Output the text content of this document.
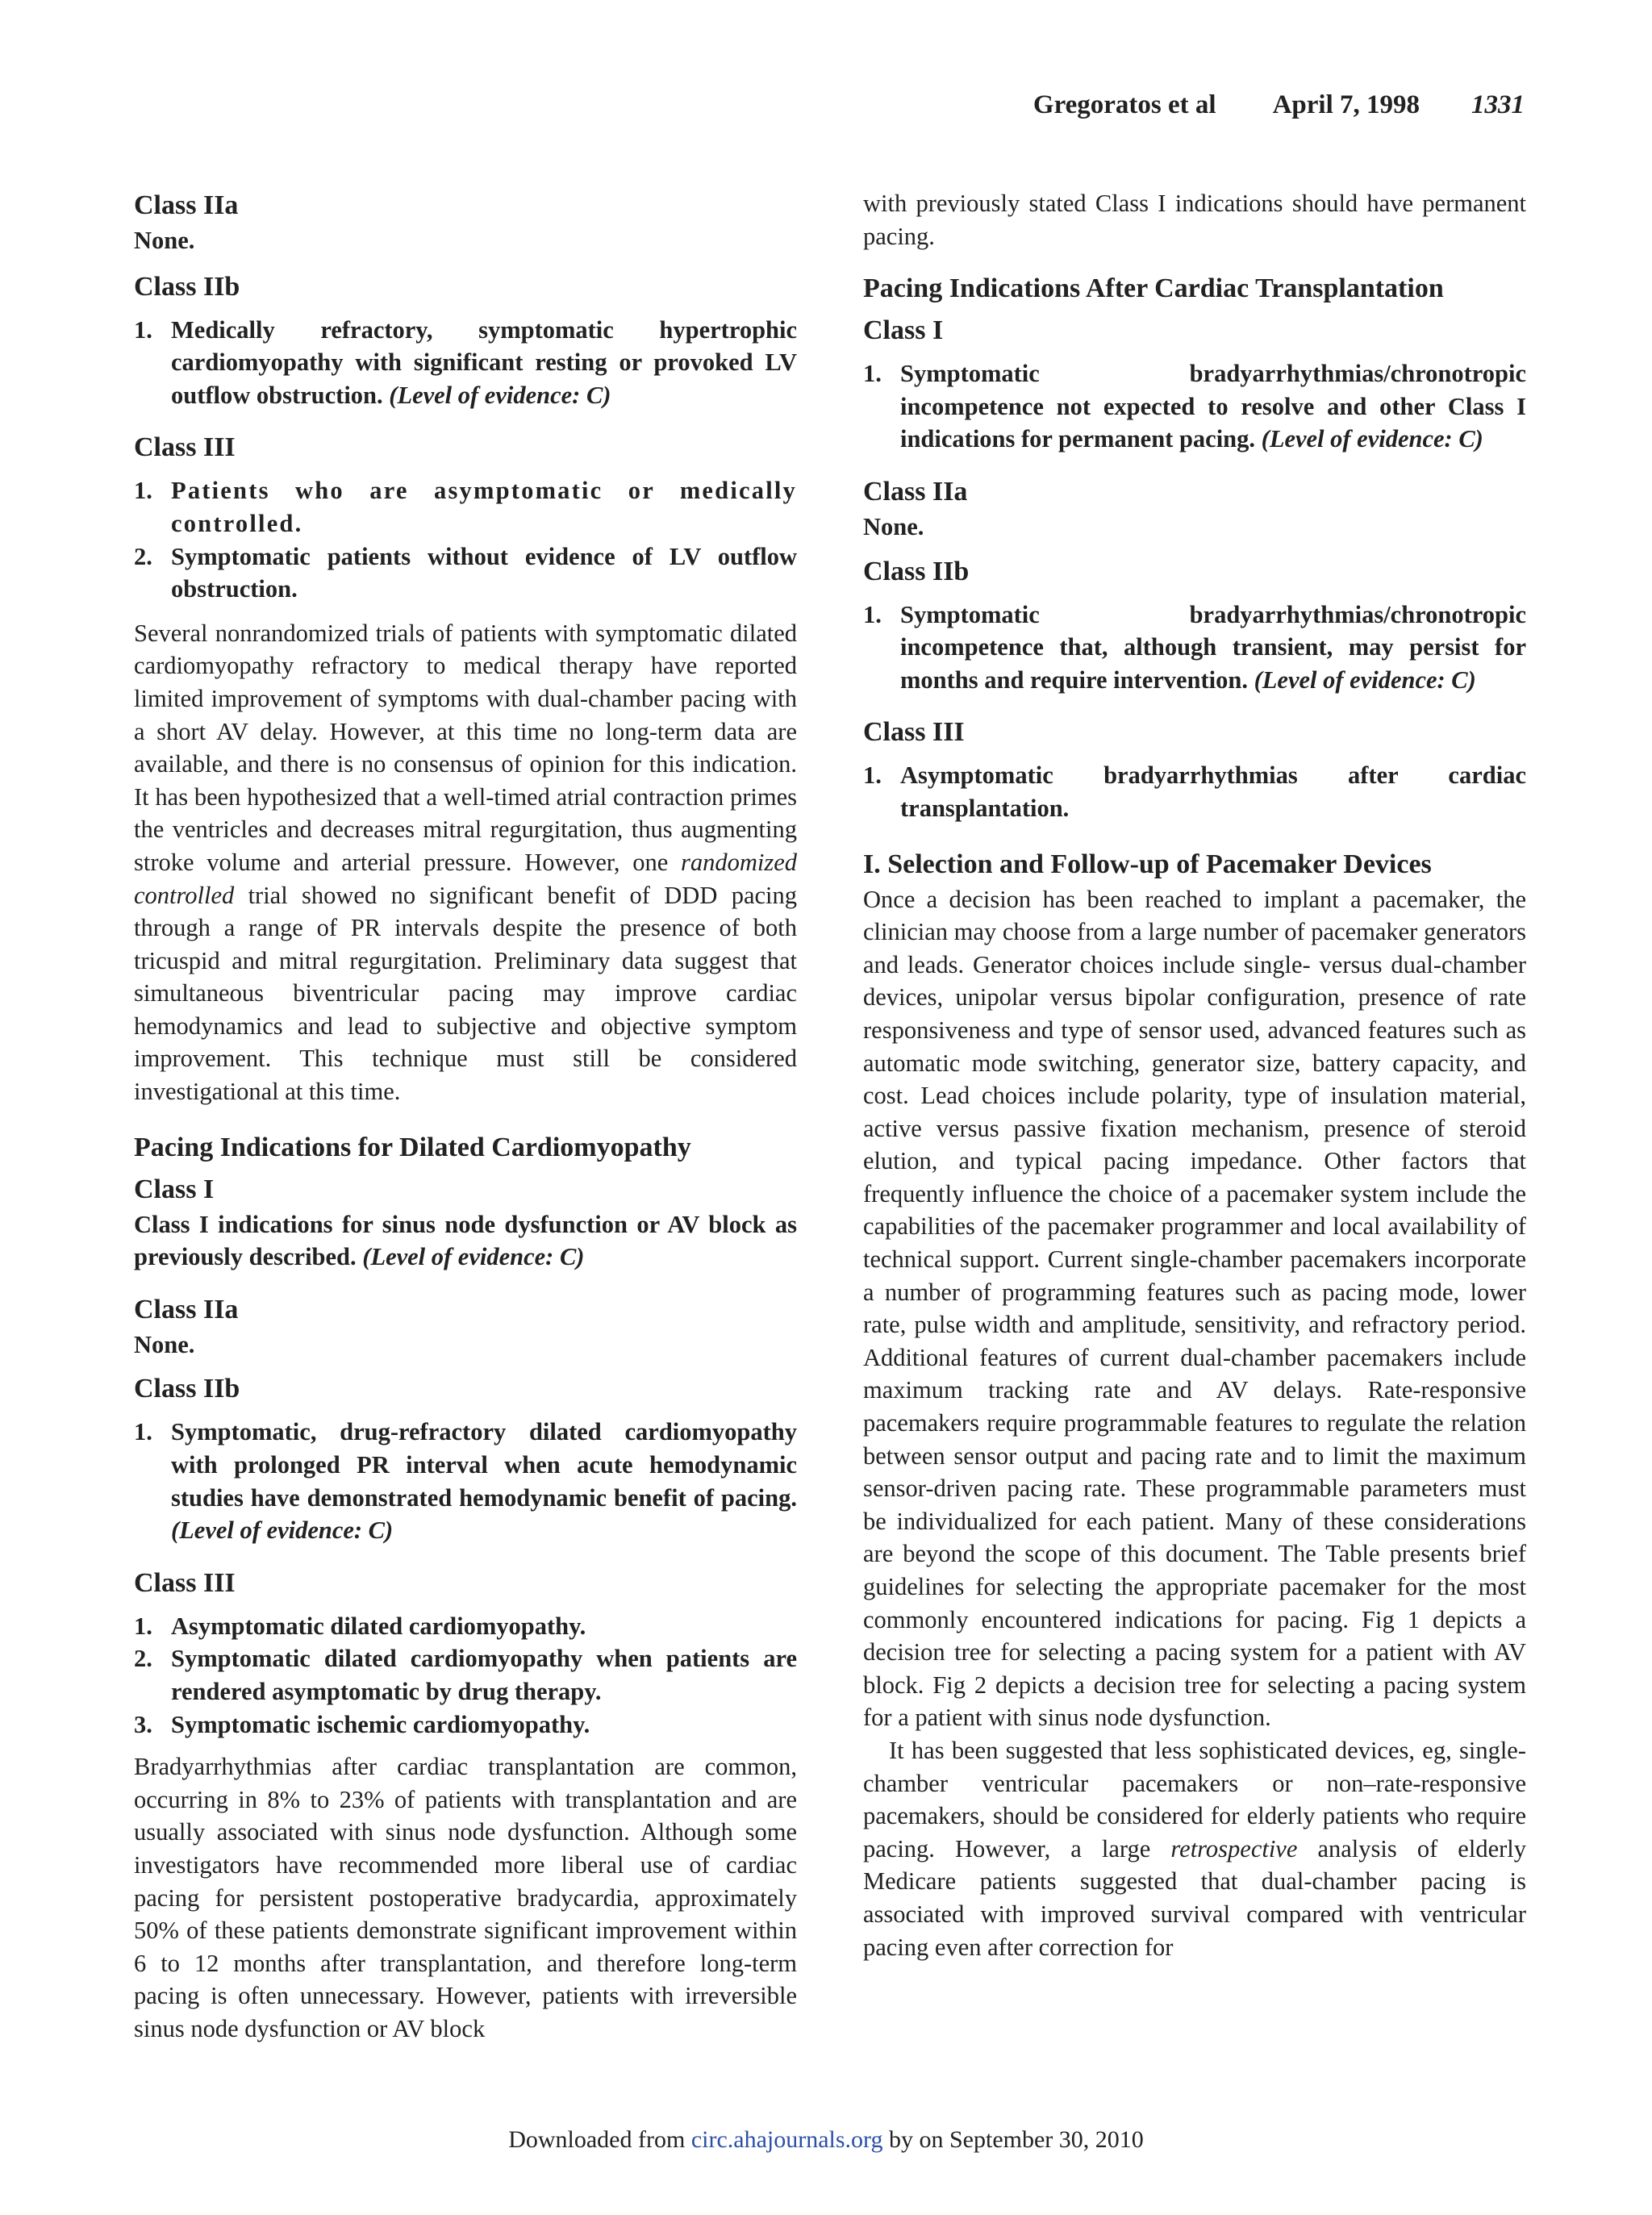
Gregoratos et al April 7, 1998 1331
Class IIa

None.

Class IIb
1. Medically refractory, symptomatic hypertrophic cardiomyopathy with significant resting or provoked LV outflow obstruction. (Level of evidence: C)
Class III
1. Patients who are asymptomatic or medically controlled.
2. Symptomatic patients without evidence of LV outflow obstruction.

Several nonrandomized trials of patients with symptomatic dilated cardiomyopathy refractory to medical therapy have reported limited improvement of symptoms with dual-chamber pacing with a short AV delay. However, at this time no long-term data are available, and there is no consensus of opinion for this indication. It has been hypothesized that a well-timed atrial contraction primes the ventricles and decreases mitral regurgitation, thus augmenting stroke volume and arterial pressure. However, one randomized controlled trial showed no significant benefit of DDD pacing through a range of PR intervals despite the presence of both tricuspid and mitral regurgitation. Preliminary data suggest that simultaneous biventricular pacing may improve cardiac hemodynamics and lead to subjective and objective symptom improvement. This technique must still be considered investigational at this time.

Pacing Indications for Dilated Cardiomyopathy
Class I

Class I indications for sinus node dysfunction or AV block as previously described. (Level of evidence: C)

Class IIa

None.

Class IIb
1. Symptomatic, drug-refractory dilated cardiomyopathy with prolonged PR interval when acute hemodynamic studies have demonstrated hemodynamic benefit of pacing. (Level of evidence: C)
Class III
1. Asymptomatic dilated cardiomyopathy.
2. Symptomatic dilated cardiomyopathy when patients are rendered asymptomatic by drug therapy.
3. Symptomatic ischemic cardiomyopathy.

Bradyarrhythmias after cardiac transplantation are common, occurring in 8% to 23% of patients with transplantation and are usually associated with sinus node dysfunction. Although some investigators have recommended more liberal use of cardiac pacing for persistent postoperative bradycardia, approximately 50% of these patients demonstrate significant improvement within 6 to 12 months after transplantation, and therefore long-term pacing is often unnecessary. However, patients with irreversible sinus node dysfunction or AV block

with previously stated Class I indications should have permanent pacing.

Pacing Indications After Cardiac Transplantation
Class I
1. Symptomatic bradyarrhythmias/chronotropic incompetence not expected to resolve and other Class I indications for permanent pacing. (Level of evidence: C)
Class IIa

None.

Class IIb
1. Symptomatic bradyarrhythmias/chronotropic incompetence that, although transient, may persist for months and require intervention. (Level of evidence: C)
Class III
1. Asymptomatic bradyarrhythmias after cardiac transplantation.
I. Selection and Follow-up of Pacemaker Devices

Once a decision has been reached to implant a pacemaker, the clinician may choose from a large number of pacemaker generators and leads. Generator choices include single- versus dual-chamber devices, unipolar versus bipolar configuration, presence of rate responsiveness and type of sensor used, advanced features such as automatic mode switching, generator size, battery capacity, and cost. Lead choices include polarity, type of insulation material, active versus passive fixation mechanism, presence of steroid elution, and typical pacing impedance. Other factors that frequently influence the choice of a pacemaker system include the capabilities of the pacemaker programmer and local availability of technical support. Current single-chamber pacemakers incorporate a number of programming features such as pacing mode, lower rate, pulse width and amplitude, sensitivity, and refractory period. Additional features of current dual-chamber pacemakers include maximum tracking rate and AV delays. Rate-responsive pacemakers require programmable features to regulate the relation between sensor output and pacing rate and to limit the maximum sensor-driven pacing rate. These programmable parameters must be individualized for each patient. Many of these considerations are beyond the scope of this document. The Table presents brief guidelines for selecting the appropriate pacemaker for the most commonly encountered indications for pacing. Fig 1 depicts a decision tree for selecting a pacing system for a patient with AV block. Fig 2 depicts a decision tree for selecting a pacing system for a patient with sinus node dysfunction.

It has been suggested that less sophisticated devices, eg, single-chamber ventricular pacemakers or non–rate-responsive pacemakers, should be considered for elderly patients who require pacing. However, a large retrospective analysis of elderly Medicare patients suggested that dual-chamber pacing is associated with improved survival compared with ventricular pacing even after correction for

Downloaded from circ.ahajournals.org by on September 30, 2010
